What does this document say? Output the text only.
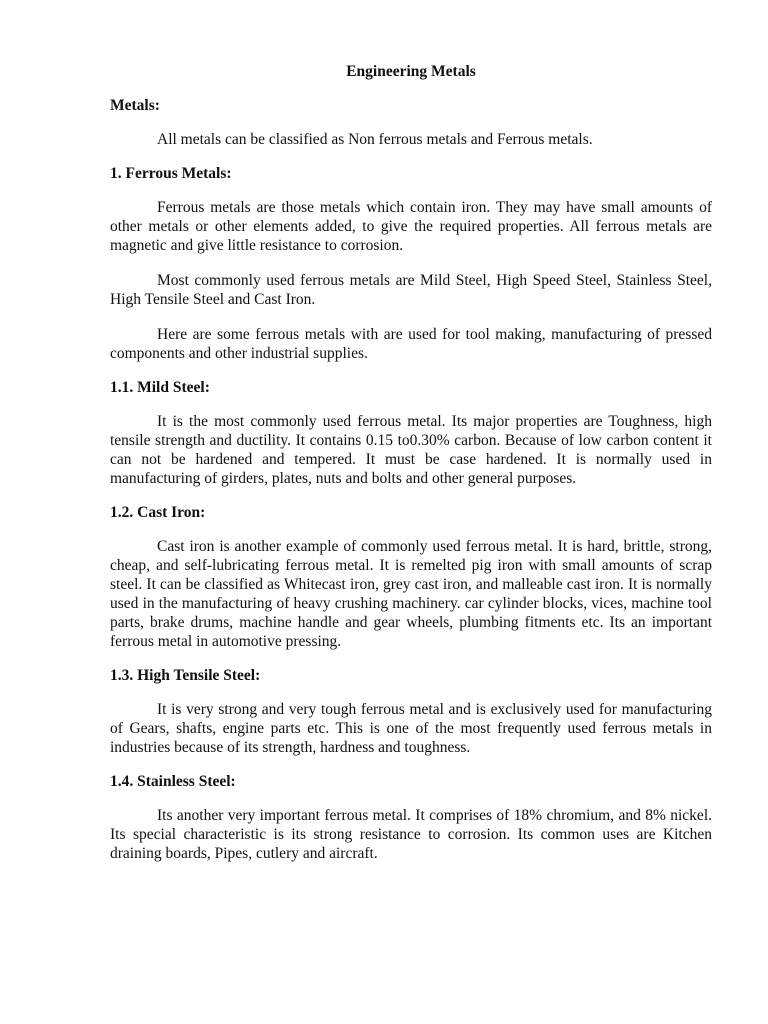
Engineering Metals

Metals:

All metals can be classified as Non ferrous metals and Ferrous metals.

1. Ferrous Metals:

Ferrous metals are those metals which contain iron. They may have small amounts of other metals or other elements added, to give the required properties. All ferrous metals are magnetic and give little resistance to corrosion.

Most commonly used ferrous metals are Mild Steel, High Speed Steel, Stainless Steel, High Tensile Steel and Cast Iron.

Here are some ferrous metals with are used for tool making, manufacturing of pressed components and other industrial supplies.

1.1. Mild Steel:

It is the most commonly used ferrous metal. Its major properties are Toughness, high tensile strength and ductility. It contains 0.15 to0.30% carbon. Because of low carbon content it can not be hardened and tempered. It must be case hardened. It is normally used in manufacturing of girders, plates, nuts and bolts and other general purposes.

1.2. Cast Iron:

Cast iron is another example of commonly used ferrous metal. It is hard, brittle, strong, cheap, and self-lubricating ferrous metal. It is remelted pig iron with small amounts of scrap steel. It can be classified as Whitecast iron, grey cast iron, and malleable cast iron. It is normally used in the manufacturing of heavy crushing machinery. car cylinder blocks, vices, machine tool parts, brake drums, machine handle and gear wheels, plumbing fitments etc. Its an important ferrous metal in automotive pressing.

1.3. High Tensile Steel:

It is very strong and very tough ferrous metal and is exclusively used for manufacturing of Gears, shafts, engine parts etc. This is one of the most frequently used ferrous metals in industries because of its strength, hardness and toughness.

1.4. Stainless Steel:

Its another very important ferrous metal. It comprises of 18% chromium, and 8% nickel. Its special characteristic is its strong resistance to corrosion. Its common uses are Kitchen draining boards, Pipes, cutlery and aircraft.
